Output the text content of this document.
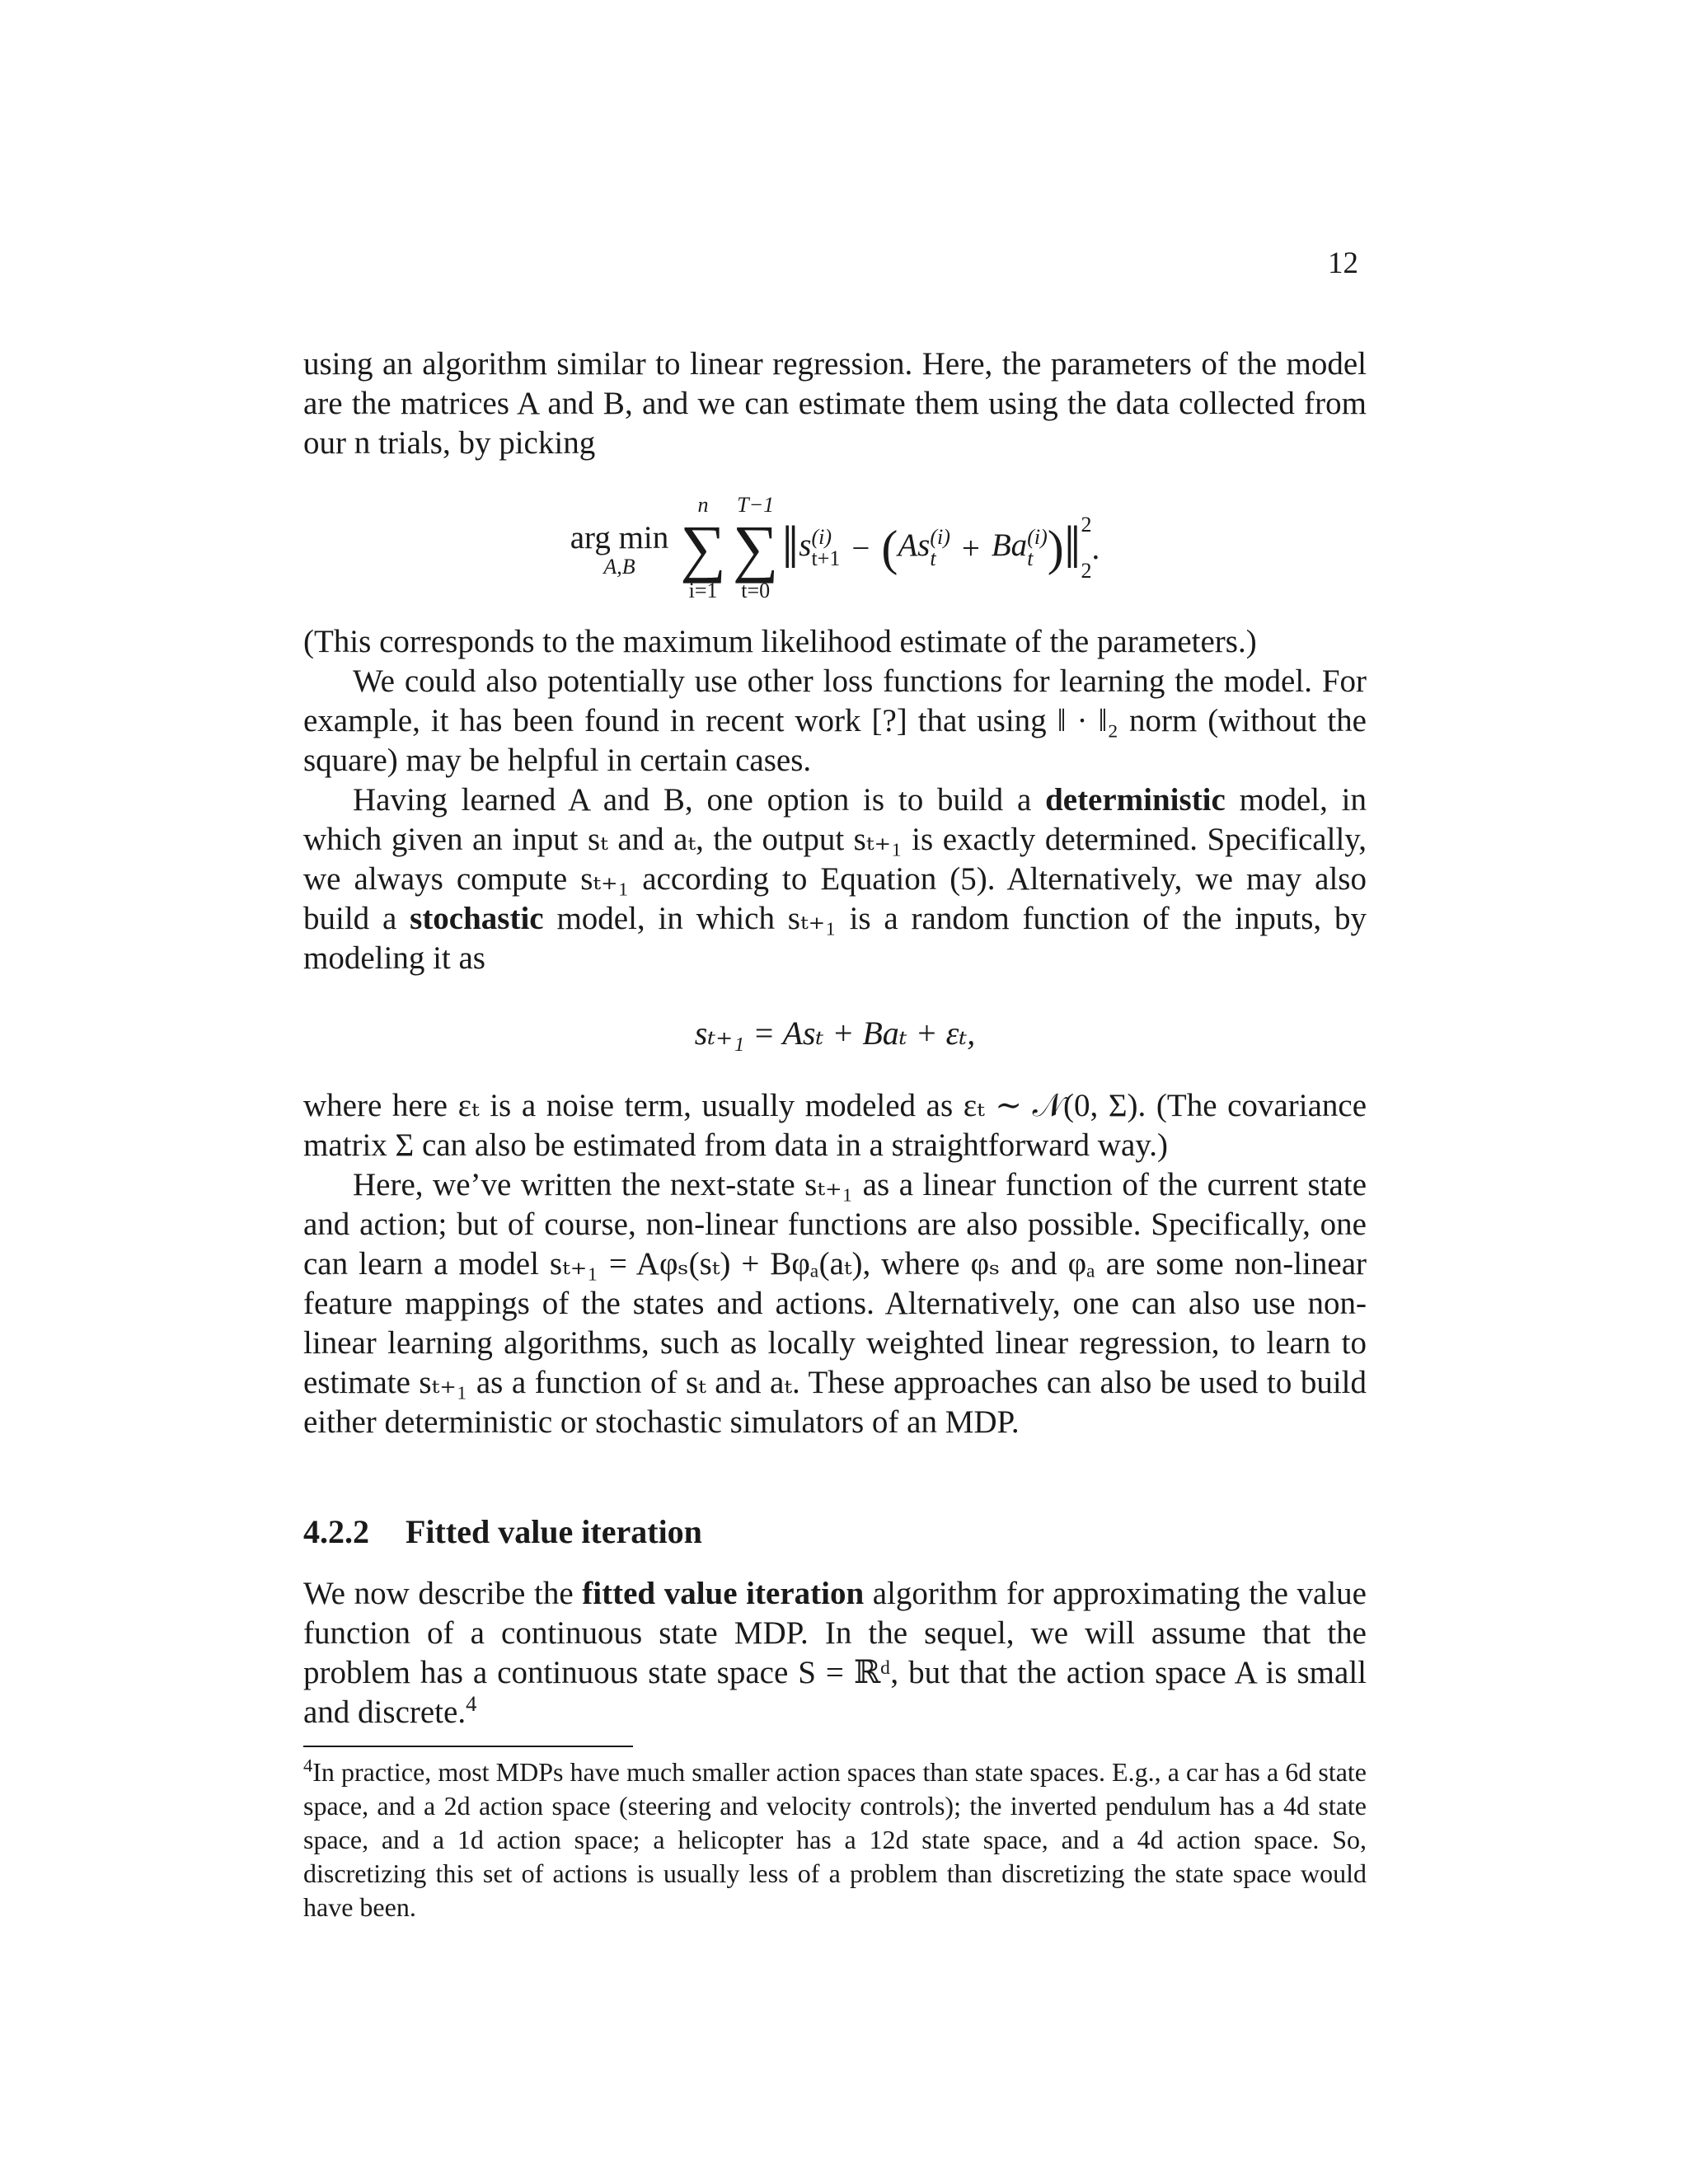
12

using an algorithm similar to linear regression. Here, the parameters of the model are the matrices A and B, and we can estimate them using the data collected from our n trials, by picking

arg min
A,B
n
∑
i=1
T−1
∑
t=0
‖ s (i)
t+1 − ( As (i)
t + Ba (i)
t ) ‖ 2
2
.

(This corresponds to the maximum likelihood estimate of the parameters.)

We could also potentially use other loss functions for learning the model. For example, it has been found in recent work [?] that using ‖ · ‖₂ norm (without the square) may be helpful in certain cases.

Having learned A and B, one option is to build a deterministic model, in which given an input sₜ and aₜ, the output sₜ₊₁ is exactly determined. Specifically, we always compute sₜ₊₁ according to Equation (5). Alternatively, we may also build a stochastic model, in which sₜ₊₁ is a random function of the inputs, by modeling it as

sₜ₊₁ = Asₜ + Baₜ + εₜ,

where here εₜ is a noise term, usually modeled as εₜ ∼ 𝒩(0, Σ). (The covariance matrix Σ can also be estimated from data in a straightforward way.)

Here, we’ve written the next-state sₜ₊₁ as a linear function of the current state and action; but of course, non-linear functions are also possible. Specifically, one can learn a model sₜ₊₁ = Aφₛ(sₜ) + Bφₐ(aₜ), where φₛ and φₐ are some non-linear feature mappings of the states and actions. Alternatively, one can also use non-linear learning algorithms, such as locally weighted linear regression, to learn to estimate sₜ₊₁ as a function of sₜ and aₜ. These approaches can also be used to build either deterministic or stochastic simulators of an MDP.

4.2.2 Fitted value iteration

We now describe the fitted value iteration algorithm for approximating the value function of a continuous state MDP. In the sequel, we will assume that the problem has a continuous state space S = ℝᵈ, but that the action space A is small and discrete.$^4$

$^4$In practice, most MDPs have much smaller action spaces than state spaces. E.g., a car has a 6d state space, and a 2d action space (steering and velocity controls); the inverted pendulum has a 4d state space, and a 1d action space; a helicopter has a 12d state space, and a 4d action space. So, discretizing this set of actions is usually less of a problem than discretizing the state space would have been.
